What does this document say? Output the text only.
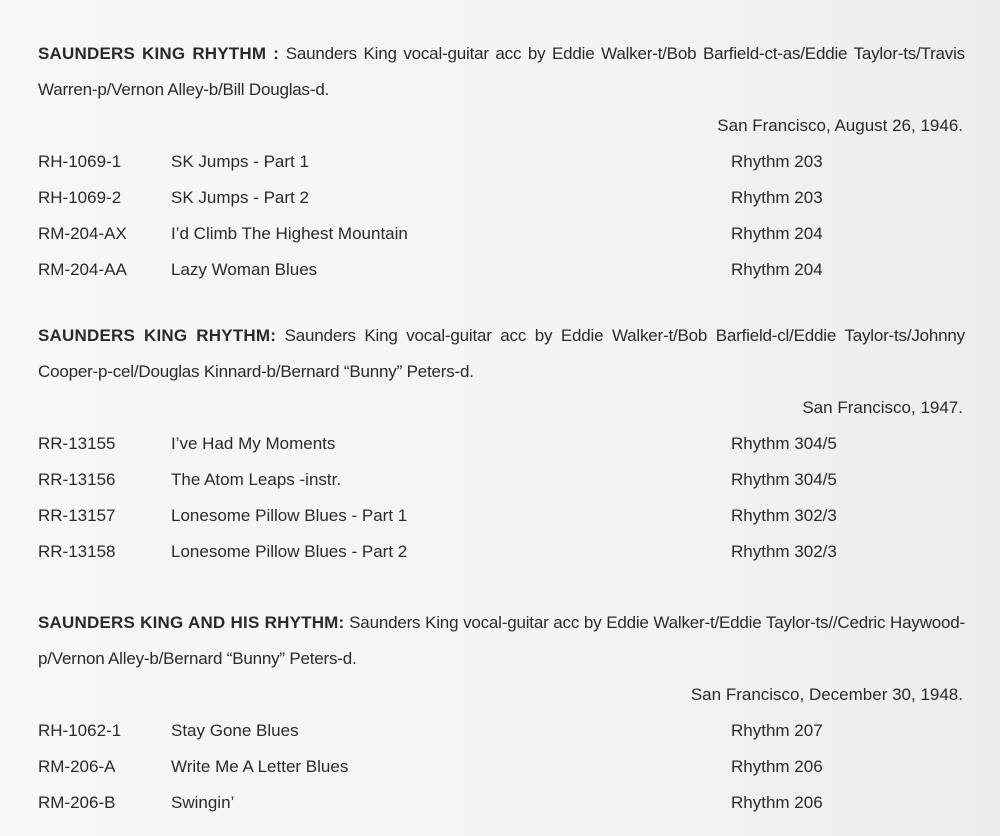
SAUNDERS KING RHYTHM : Saunders King vocal-guitar acc by Eddie Walker-t/Bob Barfield-ct-as/Eddie Taylor-ts/Travis Warren-p/Vernon Alley-b/Bill Douglas-d.

San Francisco, August 26, 1946.

RH-1069-1	SK Jumps - Part 1	Rhythm 203
RH-1069-2	SK Jumps - Part 2	Rhythm 203
RM-204-AX	I’d Climb The Highest Mountain	Rhythm 204
RM-204-AA	Lazy Woman Blues	Rhythm 204

SAUNDERS KING RHYTHM: Saunders King vocal-guitar acc by Eddie Walker-t/Bob Barfield-cl/Eddie Taylor-ts/Johnny Cooper-p-cel/Douglas Kinnard-b/Bernard “Bunny” Peters-d.

San Francisco, 1947.

RR-13155	I’ve Had My Moments	Rhythm 304/5
RR-13156	The Atom Leaps -instr.	Rhythm 304/5
RR-13157	Lonesome Pillow Blues - Part 1	Rhythm 302/3
RR-13158	Lonesome Pillow Blues - Part 2	Rhythm 302/3

SAUNDERS KING AND HIS RHYTHM: Saunders King vocal-guitar acc by Eddie Walker-t/Eddie Taylor-ts//Cedric Haywood-p/Vernon Alley-b/Bernard “Bunny” Peters-d.

San Francisco, December 30, 1948.

RH-1062-1	Stay Gone Blues	Rhythm 207
RM-206-A	Write Me A Letter Blues	Rhythm 206
RM-206-B	Swingin’	Rhythm 206
